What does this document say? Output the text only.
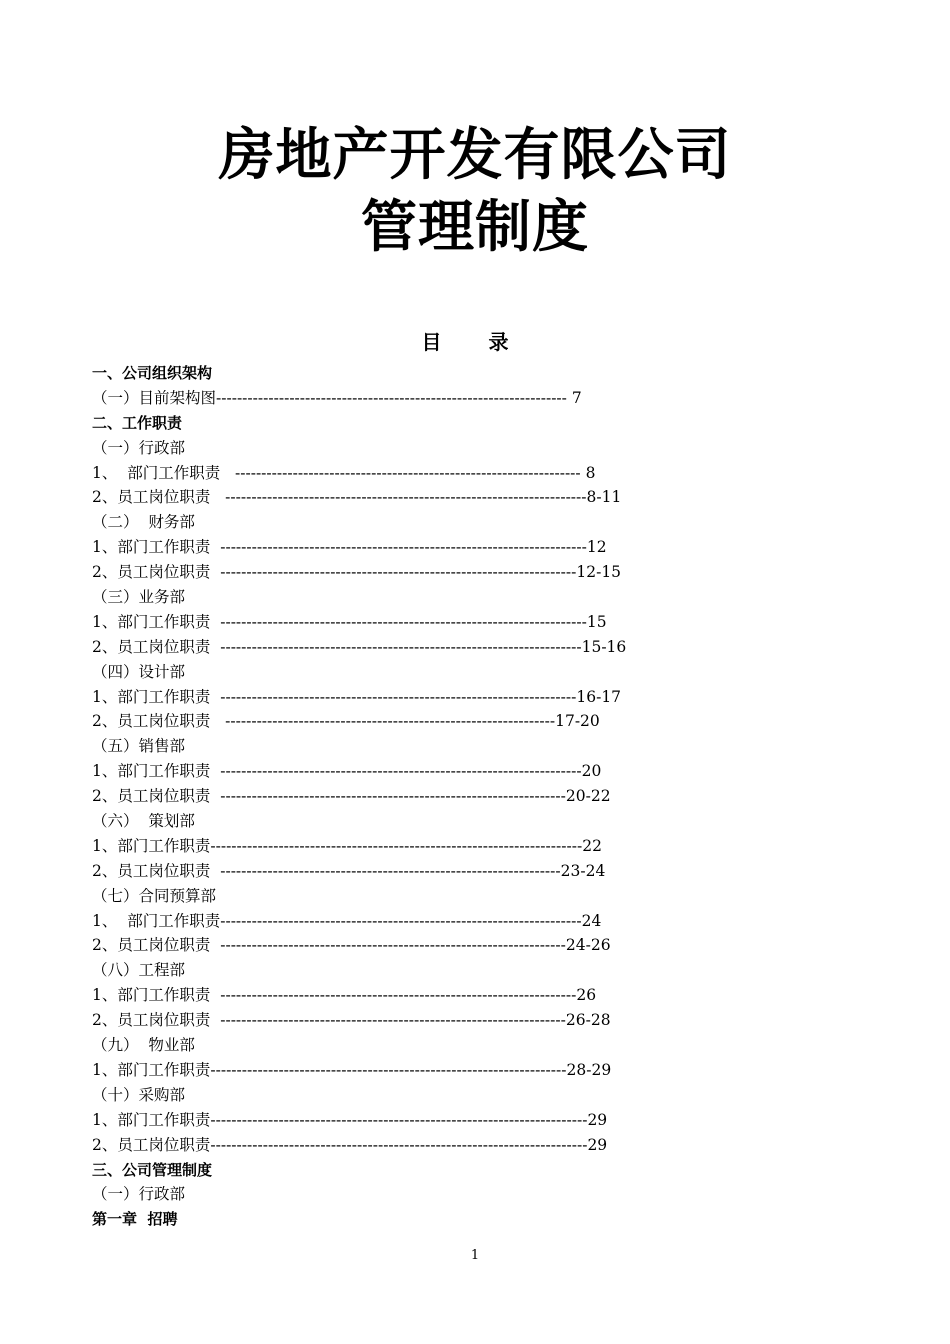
房地产开发有限公司
管理制度
目 录
一、公司组织架构
（一）目前架构图------------------------------------------------------------------- 7
二、工作职责
（一）行政部
1、  部门工作职责   ------------------------------------------------------------------ 8
2、员工岗位职责   ---------------------------------------------------------------------8-11
（二）  财务部
1、部门工作职责  ----------------------------------------------------------------------12
2、员工岗位职责  --------------------------------------------------------------------12-15
（三）业务部
1、部门工作职责  ----------------------------------------------------------------------15
2、员工岗位职责  ---------------------------------------------------------------------15-16
（四）设计部
1、部门工作职责  --------------------------------------------------------------------16-17
2、员工岗位职责   ---------------------------------------------------------------17-20
（五）销售部
1、部门工作职责  ---------------------------------------------------------------------20
2、员工岗位职责  ------------------------------------------------------------------20-22
（六）  策划部
1、部门工作职责-----------------------------------------------------------------------22
2、员工岗位职责  -----------------------------------------------------------------23-24
（七）合同预算部
1、  部门工作职责---------------------------------------------------------------------24
2、员工岗位职责  ------------------------------------------------------------------24-26
（八）工程部
1、部门工作职责  --------------------------------------------------------------------26
2、员工岗位职责  ------------------------------------------------------------------26-28
（九）  物业部
1、部门工作职责--------------------------------------------------------------------28-29
（十）采购部
1、部门工作职责------------------------------------------------------------------------29
2、员工岗位职责------------------------------------------------------------------------29
三、公司管理制度
（一）行政部
第一章  招聘
1
